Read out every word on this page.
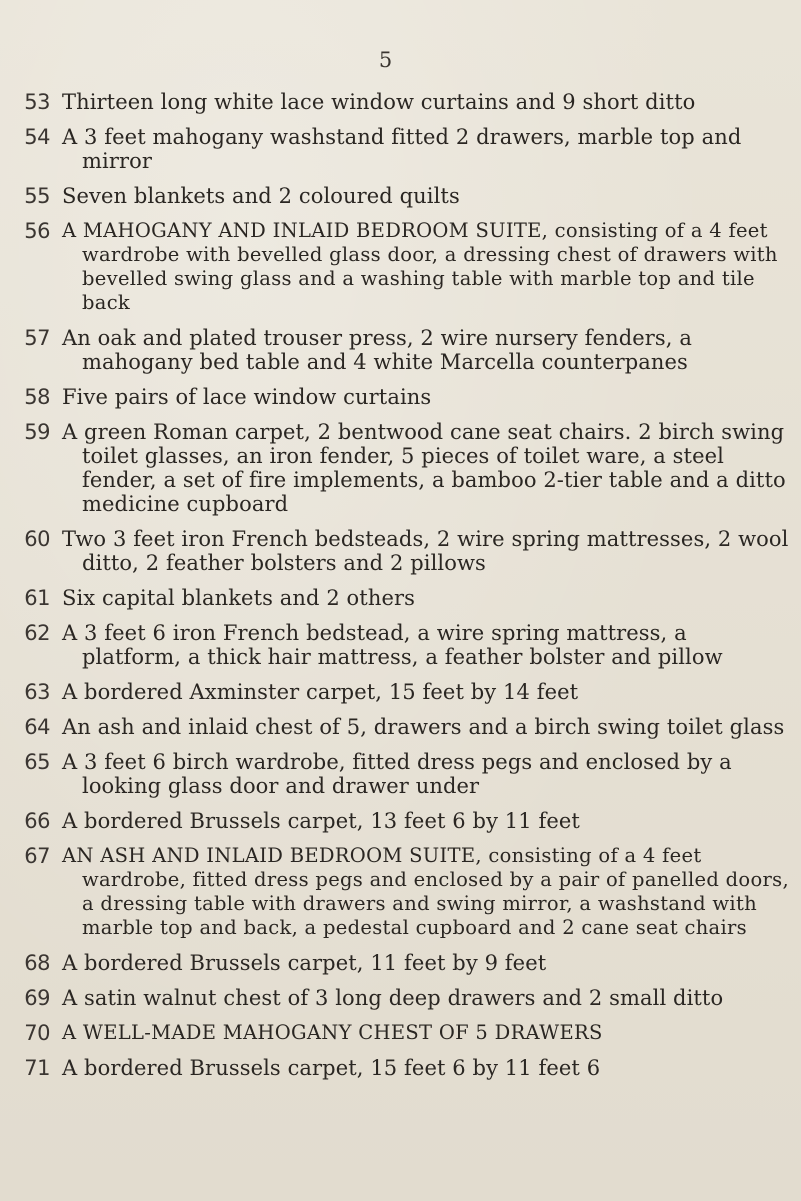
5
53 Thirteen long white lace window curtains and 9 short ditto
54 A 3 feet mahogany washstand fitted 2 drawers, marble top and mirror
55 Seven blankets and 2 coloured quilts
56 A MAHOGANY AND INLAID BEDROOM SUITE, consisting of a 4 feet wardrobe with bevelled glass door, a dressing chest of drawers with bevelled swing glass and a washing table with marble top and tile back
57 An oak and plated trouser press, 2 wire nursery fenders, a mahogany bed table and 4 white Marcella counterpanes
58 Five pairs of lace window curtains
59 A green Roman carpet, 2 bentwood cane seat chairs. 2 birch swing toilet glasses, an iron fender, 5 pieces of toilet ware, a steel fender, a set of fire implements, a bamboo 2-tier table and a ditto medicine cupboard
60 Two 3 feet iron French bedsteads, 2 wire spring mattresses, 2 wool ditto, 2 feather bolsters and 2 pillows
61 Six capital blankets and 2 others
62 A 3 feet 6 iron French bedstead, a wire spring mattress, a platform, a thick hair mattress, a feather bolster and pillow
63 A bordered Axminster carpet, 15 feet by 14 feet
64 An ash and inlaid chest of 5, drawers and a birch swing toilet glass
65 A 3 feet 6 birch wardrobe, fitted dress pegs and enclosed by a looking glass door and drawer under
66 A bordered Brussels carpet, 13 feet 6 by 11 feet
67 AN ASH AND INLAID BEDROOM SUITE, consisting of a 4 feet wardrobe, fitted dress pegs and enclosed by a pair of panelled doors, a dressing table with drawers and swing mirror, a washstand with marble top and back, a pedestal cupboard and 2 cane seat chairs
68 A bordered Brussels carpet, 11 feet by 9 feet
69 A satin walnut chest of 3 long deep drawers and 2 small ditto
70 A WELL-MADE MAHOGANY CHEST OF 5 DRAWERS
71 A bordered Brussels carpet, 15 feet 6 by 11 feet 6
